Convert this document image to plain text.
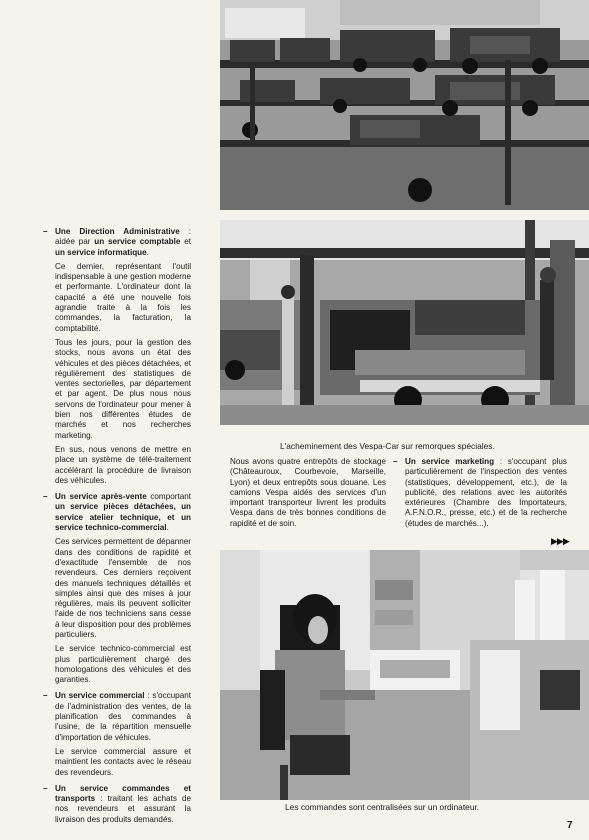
L'acheminement des Vespa-Car sur remorques spéciales.
Les commandes sont centralisées sur un ordinateur.
– Une Direction Administrative : aidée par un service comptable et un service informatique.

Ce dernier, représentant l'outil indispensable à une gestion moderne et performante. L'ordinateur dont la capacité a été une nouvelle fois agrandie traite à la fois les commandes, la facturation, la comptabilité.

Tous les jours, pour la gestion des stocks, nous avons un état des véhicules et des pièces détachées, et régulièrement des statistiques de ventes sectorielles, par département et par agent. De plus nous nous servons de l'ordinateur pour mener à bien nos différentes études de marchés et nos recherches marketing.

En sus, nous venons de mettre en place un système de télé-traitement accélérant la procédure de livraison des véhicules.

– Un service après-vente comportant un service pièces détachées, un service atelier technique, et un service technico-commercial.

Ces services permettent de dépanner dans des conditions de rapidité et d'exactitude l'ensemble de nos revendeurs. Ces derniers reçoivent des manuels techniques détaillés et simples ainsi que des mises à jour régulières, mais ils peuvent solliciter l'aide de nos techniciens sans cesse à leur disposition pour des problèmes particuliers.

Le service technico-commercial est plus particulièrement chargé des homologations des véhicules et des garanties.

– Un service commercial : s'occupant de l'administration des ventes, de la planification des commandes à l'usine, de la répartition mensuelle d'importation de véhicules.

Le service commercial assure et maintient les contacts avec le réseau des revendeurs.

– Un service commandes et transports : traitant les achats de nos revendeurs et assurant la livraison des produits demandés.

Nous avons quatre entrepôts de stockage (Châteauroux, Courbevoie, Marseille, Lyon) et deux entrepôts sous douane. Les camions Vespa aidés des services d'un important transporteur livrent les produits Vespa dans de très bonnes conditions de rapidité et de soin.

– Un service marketing : s'occupant plus particulièrement de l'inspection des ventes (statistiques, développement, etc.), de la publicité, des relations avec les autorités extérieures (Chambre des Importateurs, A.F.N.O.R., presse, etc.) et de la recherche (études de marchés...).

▶▶▶
7
